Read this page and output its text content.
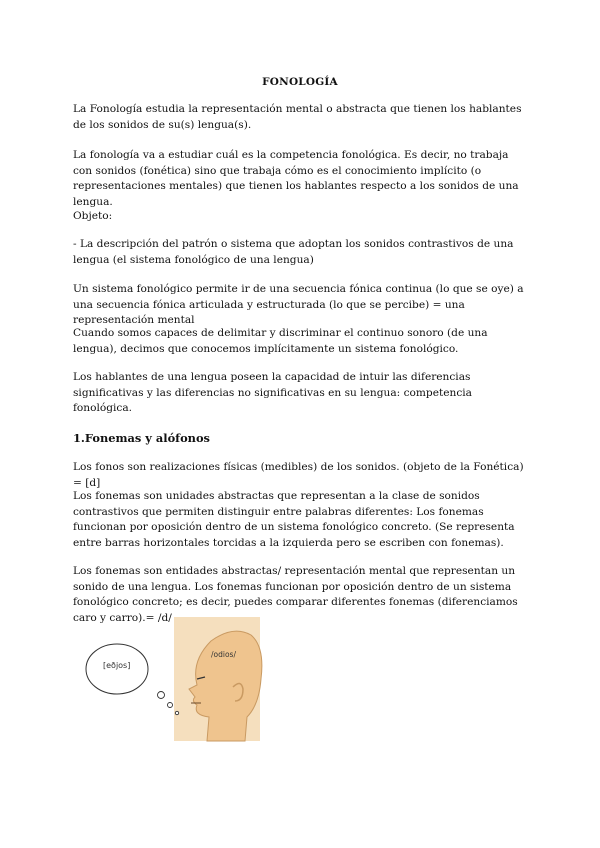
FONOLOGÍA

La Fonología estudia la representación mental o abstracta que tienen los hablantes de los sonidos de su(s) lengua(s).

La fonología va a estudiar cuál es la competencia fonológica. Es decir, no trabaja con sonidos (fonética) sino que trabaja cómo es el conocimiento implícito (o representaciones mentales) que tienen los hablantes respecto a los sonidos de una lengua.

Objeto:

- La descripción del patrón o sistema que adoptan los sonidos contrastivos de una lengua (el sistema fonológico de una lengua)

Un sistema fonológico permite ir de una secuencia fónica continua (lo que se oye) a una secuencia fónica articulada y estructurada (lo que se percibe) = una representación mental

Cuando somos capaces de delimitar y discriminar el continuo sonoro (de una lengua), decimos que conocemos implícitamente un sistema fonológico.

Los hablantes de una lengua poseen la capacidad de intuir las diferencias significativas y las diferencias no significativas en su lengua: competencia fonológica.

1.Fonemas y alófonos

Los fonos son realizaciones físicas (medibles) de los sonidos. (objeto de la Fonética) = [d]

Los fonemas son unidades abstractas que representan a la clase de sonidos contrastivos que permiten distinguir entre palabras diferentes: Los fonemas funcionan por oposición dentro de un sistema fonológico concreto. (Se representa entre barras horizontales torcidas a la izquierda pero se escriben con fonemas).

Los fonemas son entidades abstractas/ representación mental que representan un sonido de una lengua. Los fonemas funcionan por oposición dentro de un sistema fonológico concreto; es decir, puedes comparar diferentes fonemas (diferenciamos caro y carro).= /d/

[eðjos]
/odios/
